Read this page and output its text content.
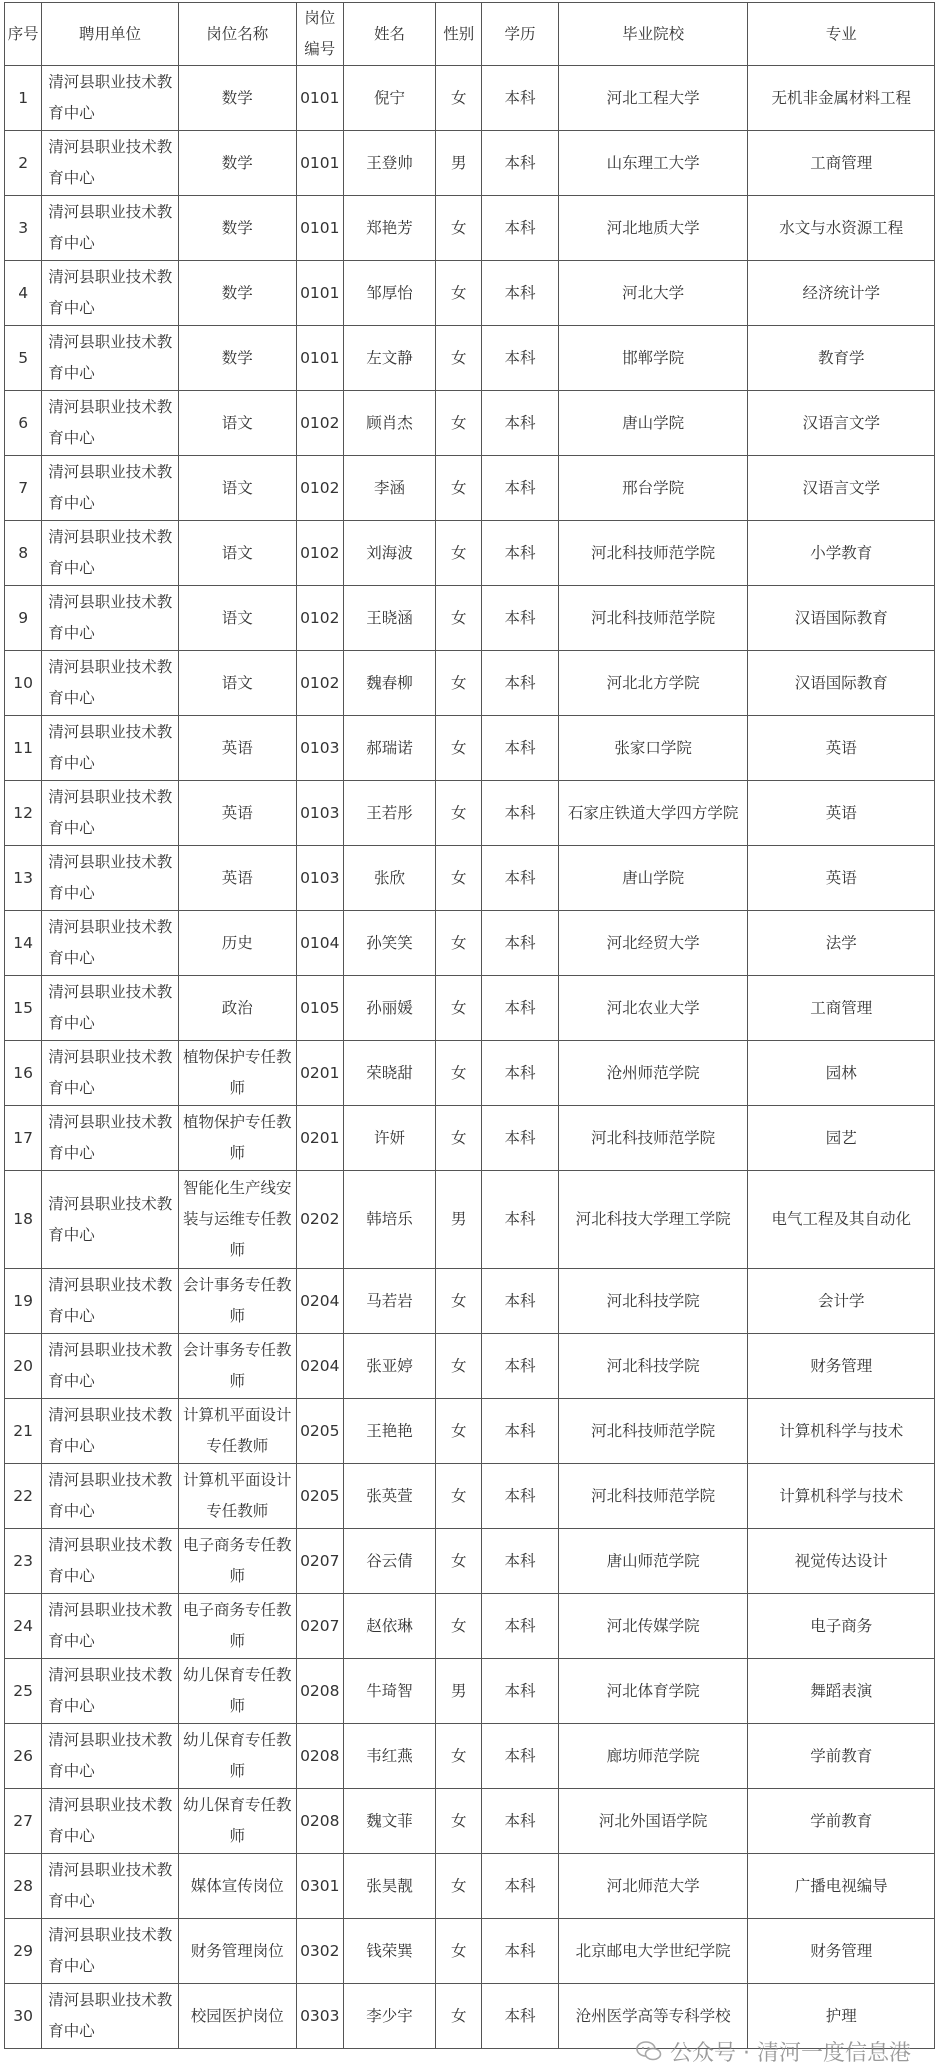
序号	聘用单位	岗位名称	岗位编号	姓名	性别	学历	毕业院校	专业
1	清河县职业技术教育中心	数学	0101	倪宁	女	本科	河北工程大学	无机非金属材料工程
2	清河县职业技术教育中心	数学	0101	王登帅	男	本科	山东理工大学	工商管理
3	清河县职业技术教育中心	数学	0101	郑艳芳	女	本科	河北地质大学	水文与水资源工程
4	清河县职业技术教育中心	数学	0101	邹厚怡	女	本科	河北大学	经济统计学
5	清河县职业技术教育中心	数学	0101	左文静	女	本科	邯郸学院	教育学
6	清河县职业技术教育中心	语文	0102	顾肖杰	女	本科	唐山学院	汉语言文学
7	清河县职业技术教育中心	语文	0102	李涵	女	本科	邢台学院	汉语言文学
8	清河县职业技术教育中心	语文	0102	刘海波	女	本科	河北科技师范学院	小学教育
9	清河县职业技术教育中心	语文	0102	王晓涵	女	本科	河北科技师范学院	汉语国际教育
10	清河县职业技术教育中心	语文	0102	魏春柳	女	本科	河北北方学院	汉语国际教育
11	清河县职业技术教育中心	英语	0103	郝瑞诺	女	本科	张家口学院	英语
12	清河县职业技术教育中心	英语	0103	王若彤	女	本科	石家庄铁道大学四方学院	英语
13	清河县职业技术教育中心	英语	0103	张欣	女	本科	唐山学院	英语
14	清河县职业技术教育中心	历史	0104	孙笑笑	女	本科	河北经贸大学	法学
15	清河县职业技术教育中心	政治	0105	孙丽媛	女	本科	河北农业大学	工商管理
16	清河县职业技术教育中心	植物保护专任教师	0201	荣晓甜	女	本科	沧州师范学院	园林
17	清河县职业技术教育中心	植物保护专任教师	0201	许妍	女	本科	河北科技师范学院	园艺
18	清河县职业技术教育中心	智能化生产线安装与运维专任教师	0202	韩培乐	男	本科	河北科技大学理工学院	电气工程及其自动化
19	清河县职业技术教育中心	会计事务专任教师	0204	马若岩	女	本科	河北科技学院	会计学
20	清河县职业技术教育中心	会计事务专任教师	0204	张亚婷	女	本科	河北科技学院	财务管理
21	清河县职业技术教育中心	计算机平面设计专任教师	0205	王艳艳	女	本科	河北科技师范学院	计算机科学与技术
22	清河县职业技术教育中心	计算机平面设计专任教师	0205	张英萱	女	本科	河北科技师范学院	计算机科学与技术
23	清河县职业技术教育中心	电子商务专任教师	0207	谷云倩	女	本科	唐山师范学院	视觉传达设计
24	清河县职业技术教育中心	电子商务专任教师	0207	赵依琳	女	本科	河北传媒学院	电子商务
25	清河县职业技术教育中心	幼儿保育专任教师	0208	牛琦智	男	本科	河北体育学院	舞蹈表演
26	清河县职业技术教育中心	幼儿保育专任教师	0208	韦红燕	女	本科	廊坊师范学院	学前教育
27	清河县职业技术教育中心	幼儿保育专任教师	0208	魏文菲	女	本科	河北外国语学院	学前教育
28	清河县职业技术教育中心	媒体宣传岗位	0301	张昊靓	女	本科	河北师范大学	广播电视编导
29	清河县职业技术教育中心	财务管理岗位	0302	钱荣巽	女	本科	北京邮电大学世纪学院	财务管理
30	清河县职业技术教育中心	校园医护岗位	0303	李少宇	女	本科	沧州医学高等专科学校	护理
公众号 · 清河一度信息港
